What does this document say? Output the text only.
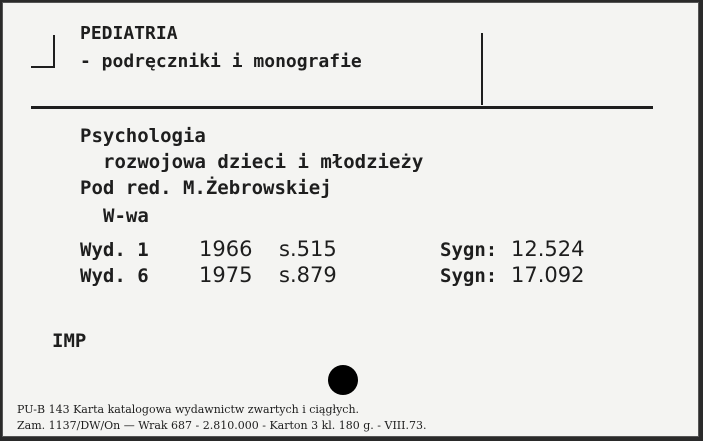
PEDIATRIA
- podręczniki i monografie
Psychologia
rozwojowa dzieci i młodzieży
Pod red. M.Żebrowskiej
W-wa
Wyd. 1 1966 s.515	Sygn: 12.524
Wyd. 6 1975 s.879	Sygn: 17.092
IMP
PU-B 143 Karta katalogowa wydawnictw zwartych i ciągłych.
Zam. 1137/DW/On — Wrak 687 - 2.810.000 - Karton 3 kl. 180 g. - VIII.73.
